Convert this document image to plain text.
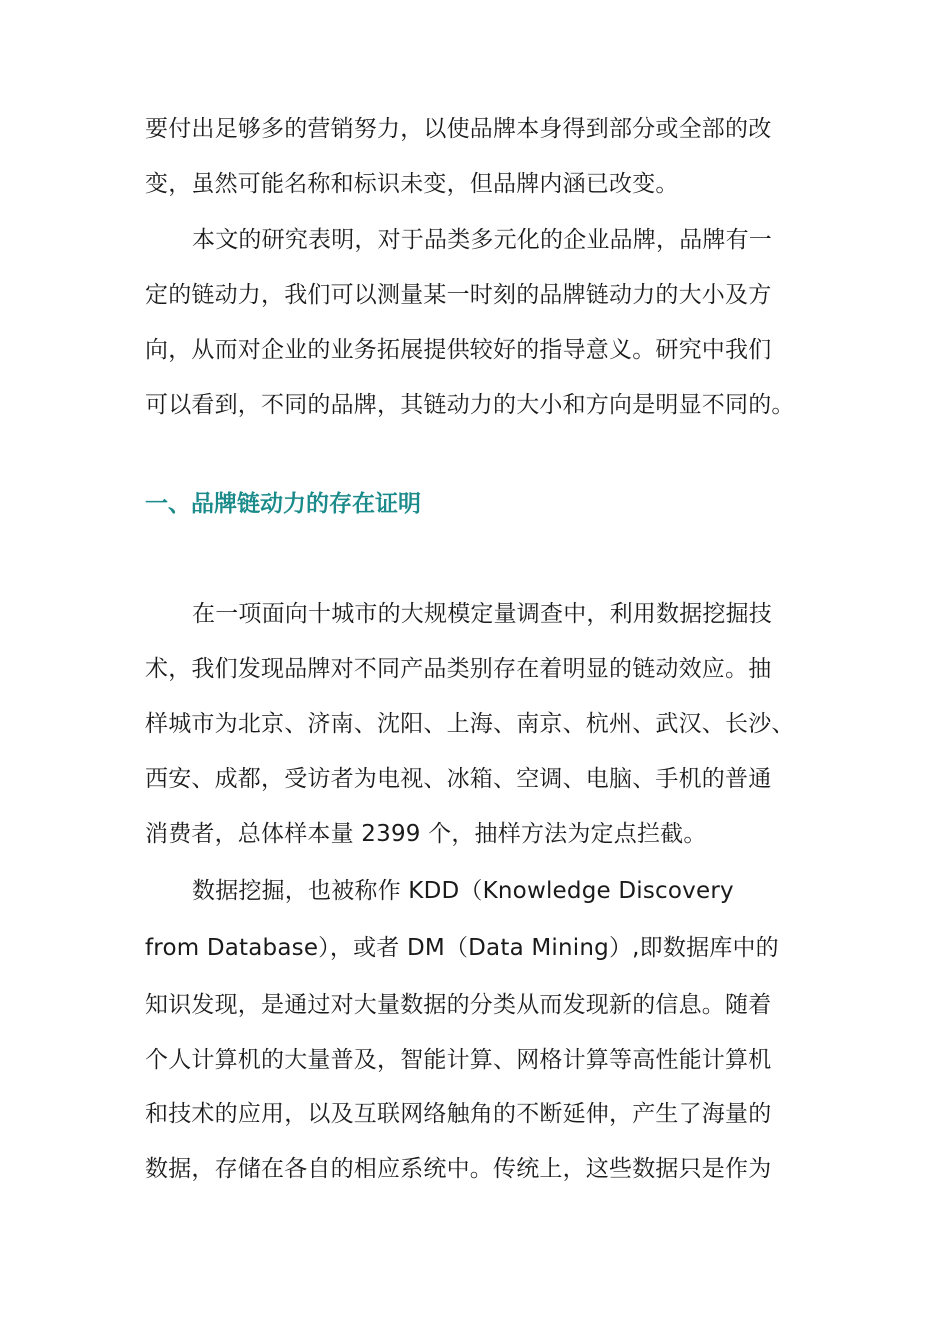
要付出足够多的营销努力，以使品牌本身得到部分或全部的改
变，虽然可能名称和标识未变，但品牌内涵已改变。
本文的研究表明，对于品类多元化的企业品牌，品牌有一
定的链动力，我们可以测量某一时刻的品牌链动力的大小及方
向，从而对企业的业务拓展提供较好的指导意义。研究中我们
可以看到，不同的品牌，其链动力的大小和方向是明显不同的。
一、品牌链动力的存在证明
在一项面向十城市的大规模定量调查中，利用数据挖掘技
术，我们发现品牌对不同产品类别存在着明显的链动效应。抽
样城市为北京、济南、沈阳、上海、南京、杭州、武汉、长沙、
西安、成都，受访者为电视、冰箱、空调、电脑、手机的普通
消费者，总体样本量 2399 个，抽样方法为定点拦截。
数据挖掘，也被称作 KDD（Knowledge Discovery
from Database），或者 DM（Data Mining）,即数据库中的
知识发现，是通过对大量数据的分类从而发现新的信息。随着
个人计算机的大量普及，智能计算、网格计算等高性能计算机
和技术的应用，以及互联网络触角的不断延伸，产生了海量的
数据，存储在各自的相应系统中。传统上，这些数据只是作为
